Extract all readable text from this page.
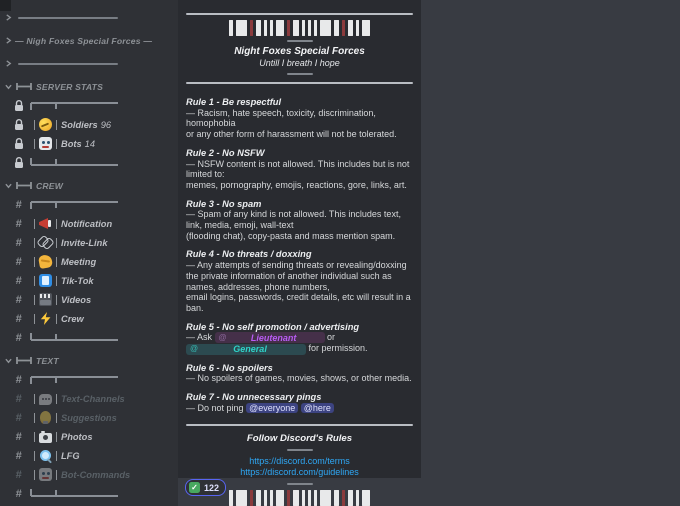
— Nigh Foxes Special Forces —
SERVER STATS
Soldiers 96
Bots 14
CREW
#
#
Notification
#
Invite-Link
#
Meeting
#
Tik-Tok
#
Videos
#
Crew
#
TEXT
#
#
Text-Channels
#
Suggestions
#
Photos
#
LFG
#
Bot-Commands
#
Night Foxes Special Forces
Untill I breath I hope
Rule 1 - Be respectful
— Racism, hate speech, toxicity, discrimination, homophobia
or any other form of harassment will not be tolerated.
Rule 2 - No NSFW
— NSFW content is not allowed. This includes but is not limited to:
memes, pornography, emojis, reactions, gore, links, art.
Rule 3 - No spam
— Spam of any kind is not allowed. This includes text,
link, media, emoji, wall-text
(flooding chat), copy-pasta and mass mention spam.
Rule 4 - No threats / doxxing
— Any attempts of sending threats or revealing/doxxing
the private information of another individual such as
names, addresses, phone numbers,
email logins, passwords, credit details, etc will result in a ban.
Rule 5 - No self promotion / advertising
— Ask @	Lieutenant	or
@	General	for permission.
Rule 6 - No spoilers
— No spoilers of games, movies, shows, or other media.
Rule 7 - No unnecessary pings
— Do not ping @everyone @here
Follow Discord's Rules
https://discord.com/terms
https://discord.com/guidelines
✓ 122
